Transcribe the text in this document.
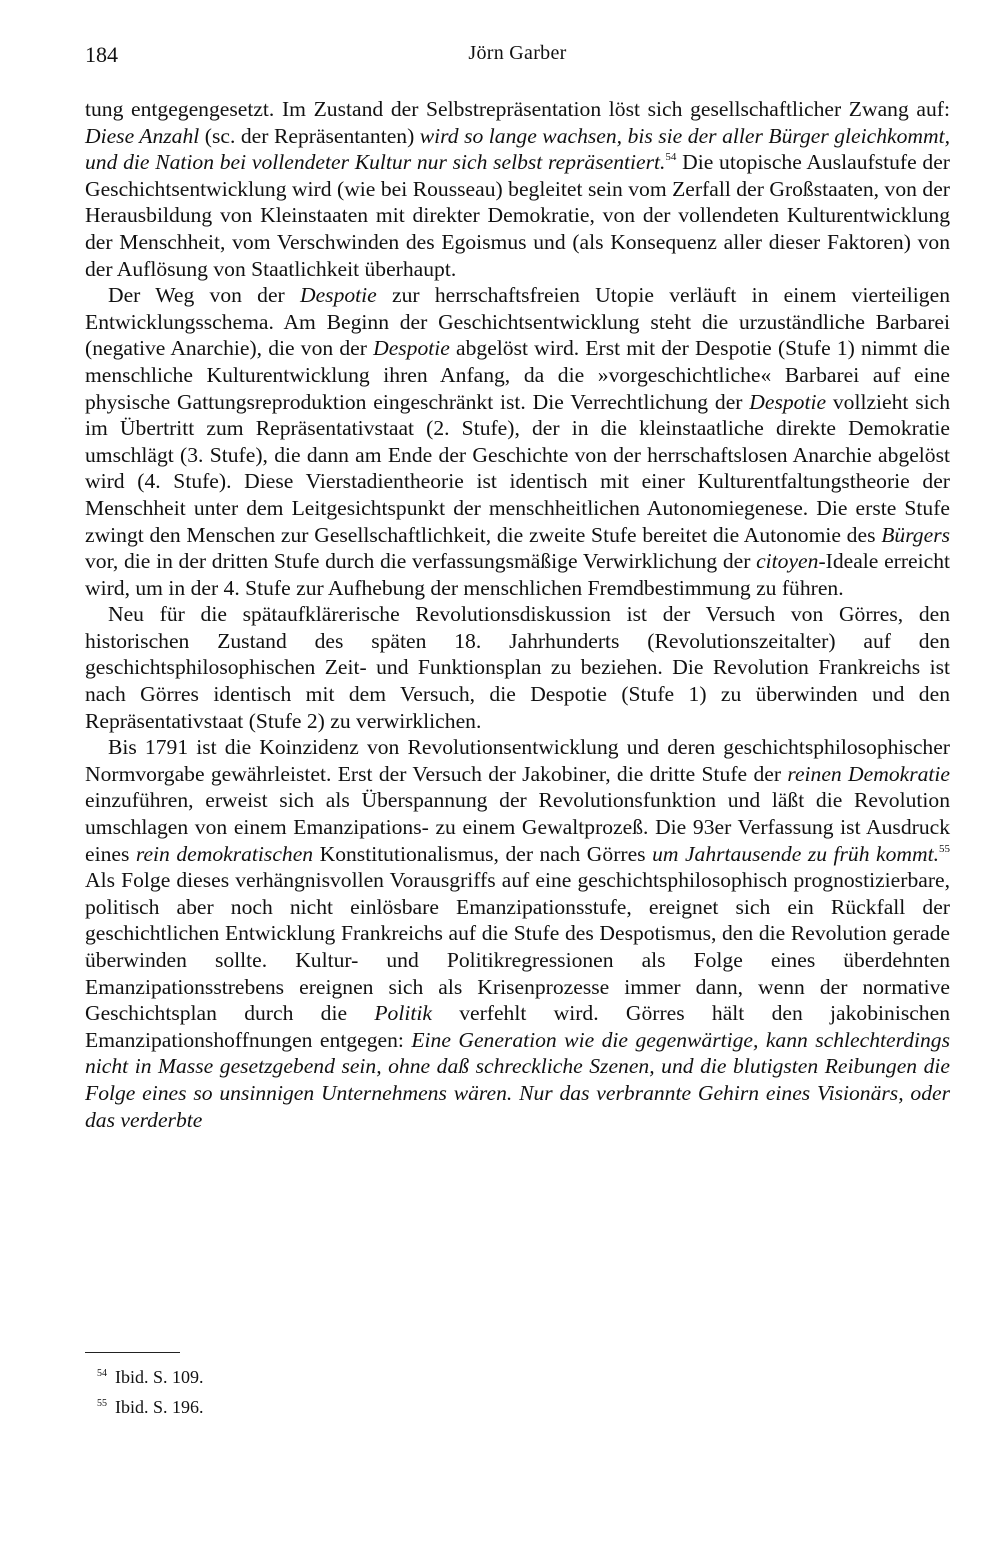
184	Jörn Garber

tung entgegengesetzt. Im Zustand der Selbstrepräsentation löst sich gesellschaftlicher Zwang auf: Diese Anzahl (sc. der Repräsentanten) wird so lange wachsen, bis sie der aller Bürger gleichkommt, und die Nation bei vollendeter Kultur nur sich selbst repräsentiert.$^{54}$ Die utopische Auslaufstufe der Geschichtsentwicklung wird (wie bei Rousseau) begleitet sein vom Zerfall der Großstaaten, von der Herausbildung von Kleinstaaten mit direkter Demokratie, von der vollendeten Kulturentwicklung der Menschheit, vom Verschwinden des Egoismus und (als Konsequenz aller dieser Faktoren) von der Auflösung von Staatlichkeit überhaupt.

Der Weg von der Despotie zur herrschaftsfreien Utopie verläuft in einem vierteiligen Entwicklungsschema. Am Beginn der Geschichtsentwicklung steht die urzuständliche Barbarei (negative Anarchie), die von der Despotie abgelöst wird. Erst mit der Despotie (Stufe 1) nimmt die menschliche Kulturentwicklung ihren Anfang, da die »vorgeschichtliche« Barbarei auf eine physische Gattungsreproduktion eingeschränkt ist. Die Verrechtlichung der Despotie vollzieht sich im Übertritt zum Repräsentativstaat (2. Stufe), der in die kleinstaatliche direkte Demokratie umschlägt (3. Stufe), die dann am Ende der Geschichte von der herrschaftslosen Anarchie abgelöst wird (4. Stufe). Diese Vierstadientheorie ist identisch mit einer Kulturentfaltungstheorie der Menschheit unter dem Leitgesichtspunkt der menschheitlichen Autonomiegenese. Die erste Stufe zwingt den Menschen zur Gesellschaftlichkeit, die zweite Stufe bereitet die Autonomie des Bürgers vor, die in der dritten Stufe durch die verfassungsmäßige Verwirklichung der citoyen-Ideale erreicht wird, um in der 4. Stufe zur Aufhebung der menschlichen Fremdbestimmung zu führen.

Neu für die spätaufklärerische Revolutionsdiskussion ist der Versuch von Görres, den historischen Zustand des späten 18. Jahrhunderts (Revolutionszeitalter) auf den geschichtsphilosophischen Zeit- und Funktionsplan zu beziehen. Die Revolution Frankreichs ist nach Görres identisch mit dem Versuch, die Despotie (Stufe 1) zu überwinden und den Repräsentativstaat (Stufe 2) zu verwirklichen.

Bis 1791 ist die Koinzidenz von Revolutionsentwicklung und deren geschichtsphilosophischer Normvorgabe gewährleistet. Erst der Versuch der Jakobiner, die dritte Stufe der reinen Demokratie einzuführen, erweist sich als Überspannung der Revolutionsfunktion und läßt die Revolution umschlagen von einem Emanzipations- zu einem Gewaltprozeß. Die 93er Verfassung ist Ausdruck eines rein demokratischen Konstitutionalismus, der nach Görres um Jahrtausende zu früh kommt.$^{55}$ Als Folge dieses verhängnisvollen Vorausgriffs auf eine geschichtsphilosophisch prognostizierbare, politisch aber noch nicht einlösbare Emanzipationsstufe, ereignet sich ein Rückfall der geschichtlichen Entwicklung Frankreichs auf die Stufe des Despotismus, den die Revolution gerade überwinden sollte. Kultur- und Politikregressionen als Folge eines überdehnten Emanzipationsstrebens ereignen sich als Krisenprozesse immer dann, wenn der normative Geschichtsplan durch die Politik verfehlt wird. Görres hält den jakobinischen Emanzipationshoffnungen entgegen: Eine Generation wie die gegenwärtige, kann schlechterdings nicht in Masse gesetzgebend sein, ohne daß schreckliche Szenen, und die blutigsten Reibungen die Folge eines so unsinnigen Unternehmens wären. Nur das verbrannte Gehirn eines Visionärs, oder das verderbte

$^{54}$ Ibid. S. 109.
$^{55}$ Ibid. S. 196.
